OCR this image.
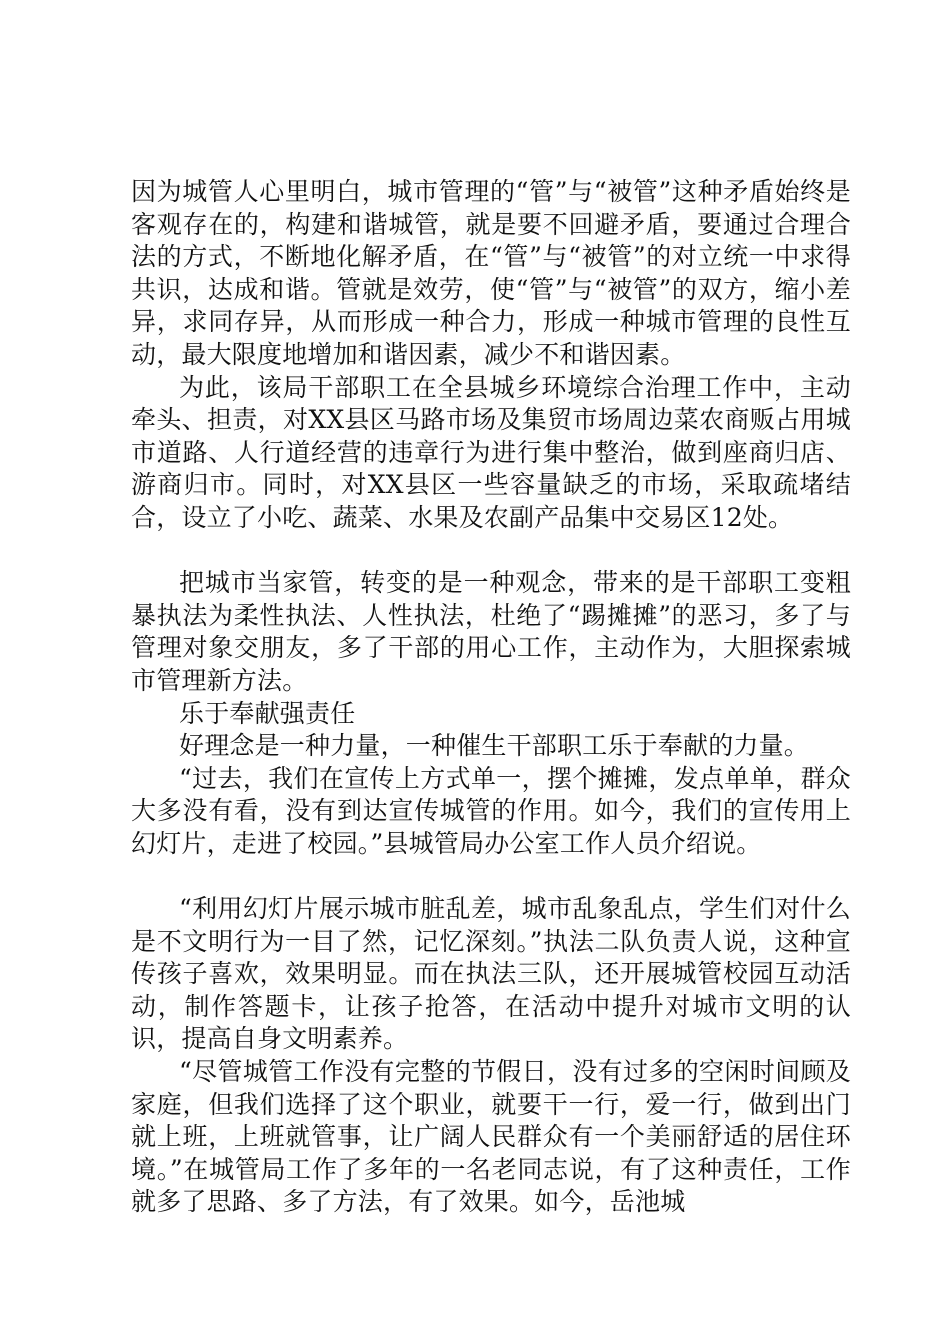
因为城管人心里明白，城市管理的“管”与“被管”这种矛盾始终是客观存在的，构建和谐城管，就是要不回避矛盾，要通过合理合法的方式，不断地化解矛盾，在“管”与“被管”的对立统一中求得共识，达成和谐。管就是效劳，使“管”与“被管”的双方，缩小差异，求同存异，从而形成一种合力，形成一种城市管理的良性互动，最大限度地增加和谐因素，减少不和谐因素。

为此，该局干部职工在全县城乡环境综合治理工作中，主动牵头、担责，对XX县区马路市场及集贸市场周边菜农商贩占用城市道路、人行道经营的违章行为进行集中整治，做到座商归店、游商归市。同时，对XX县区一些容量缺乏的市场，采取疏堵结合，设立了小吃、蔬菜、水果及农副产品集中交易区12处。

把城市当家管，转变的是一种观念，带来的是干部职工变粗暴执法为柔性执法、人性执法，杜绝了“踢摊摊”的恶习，多了与管理对象交朋友，多了干部的用心工作，主动作为，大胆探索城市管理新方法。

乐于奉献强责任

好理念是一种力量，一种催生干部职工乐于奉献的力量。

“过去，我们在宣传上方式单一，摆个摊摊，发点单单，群众大多没有看，没有到达宣传城管的作用。如今，我们的宣传用上幻灯片，走进了校园。”县城管局办公室工作人员介绍说。

“利用幻灯片展示城市脏乱差，城市乱象乱点，学生们对什么是不文明行为一目了然，记忆深刻。”执法二队负责人说，这种宣传孩子喜欢，效果明显。而在执法三队，还开展城管校园互动活动，制作答题卡，让孩子抢答，在活动中提升对城市文明的认识，提高自身文明素养。

“尽管城管工作没有完整的节假日，没有过多的空闲时间顾及家庭，但我们选择了这个职业，就要干一行，爱一行，做到出门就上班，上班就管事，让广阔人民群众有一个美丽舒适的居住环境。”在城管局工作了多年的一名老同志说，有了这种责任，工作就多了思路、多了方法，有了效果。如今，岳池城
